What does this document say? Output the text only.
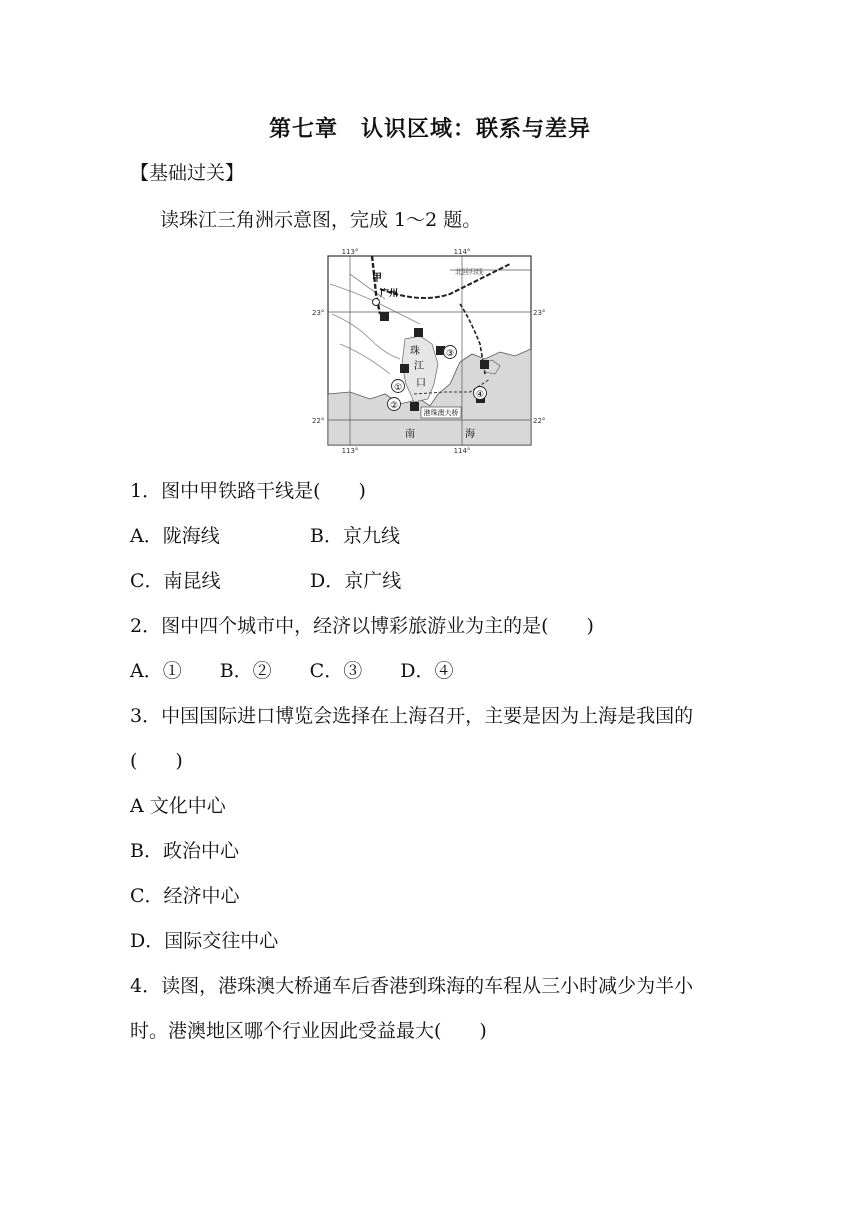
第七章　认识区域：联系与差异
【基础过关】
读珠江三角洲示意图，完成 1～2 题。
①
②
③
④
113°	114°
113°	114°
23°	23°
22°	22°
甲
广州
北回归线
珠
江
口
港珠澳大桥
南	海
1．图中甲铁路干线是(　　)
A．陇海线	B．京九线
C．南昆线	D．京广线
2．图中四个城市中，经济以博彩旅游业为主的是(　　)
A．①　　B．②　　C．③　　D．④
3．中国国际进口博览会选择在上海召开，主要是因为上海是我国的
(　　)
A 文化中心
B．政治中心
C．经济中心
D．国际交往中心
4．读图，港珠澳大桥通车后香港到珠海的车程从三小时减少为半小
时。港澳地区哪个行业因此受益最大(　　)
